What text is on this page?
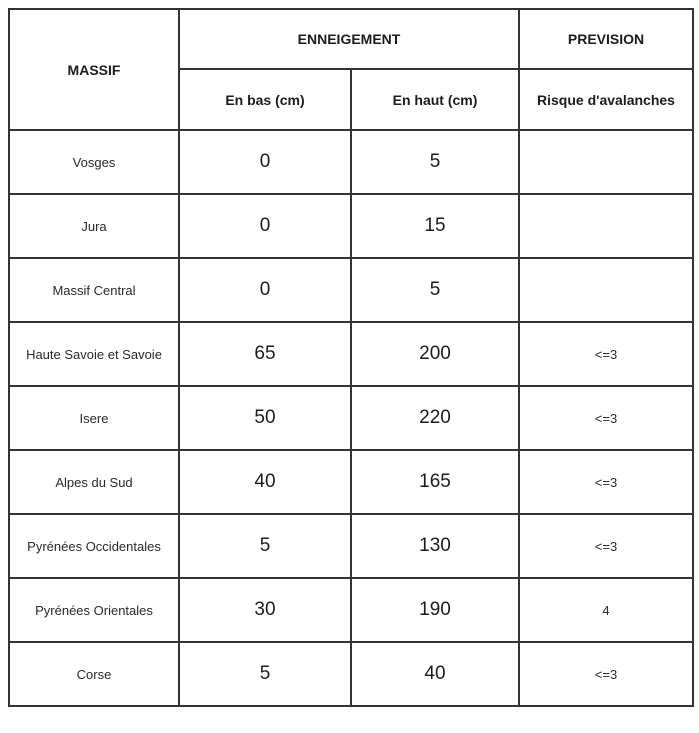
MASSIF	ENNEIGEMENT		PREVISION
	En bas (cm)	En haut (cm)	Risque d'avalanches
Vosges	0	5	
Jura	0	15	
Massif Central	0	5	
Haute Savoie et Savoie	65	200	<=3
Isere	50	220	<=3
Alpes du Sud	40	165	<=3
Pyrénées Occidentales	5	130	<=3
Pyrénées Orientales	30	190	4
Corse	5	40	<=3
